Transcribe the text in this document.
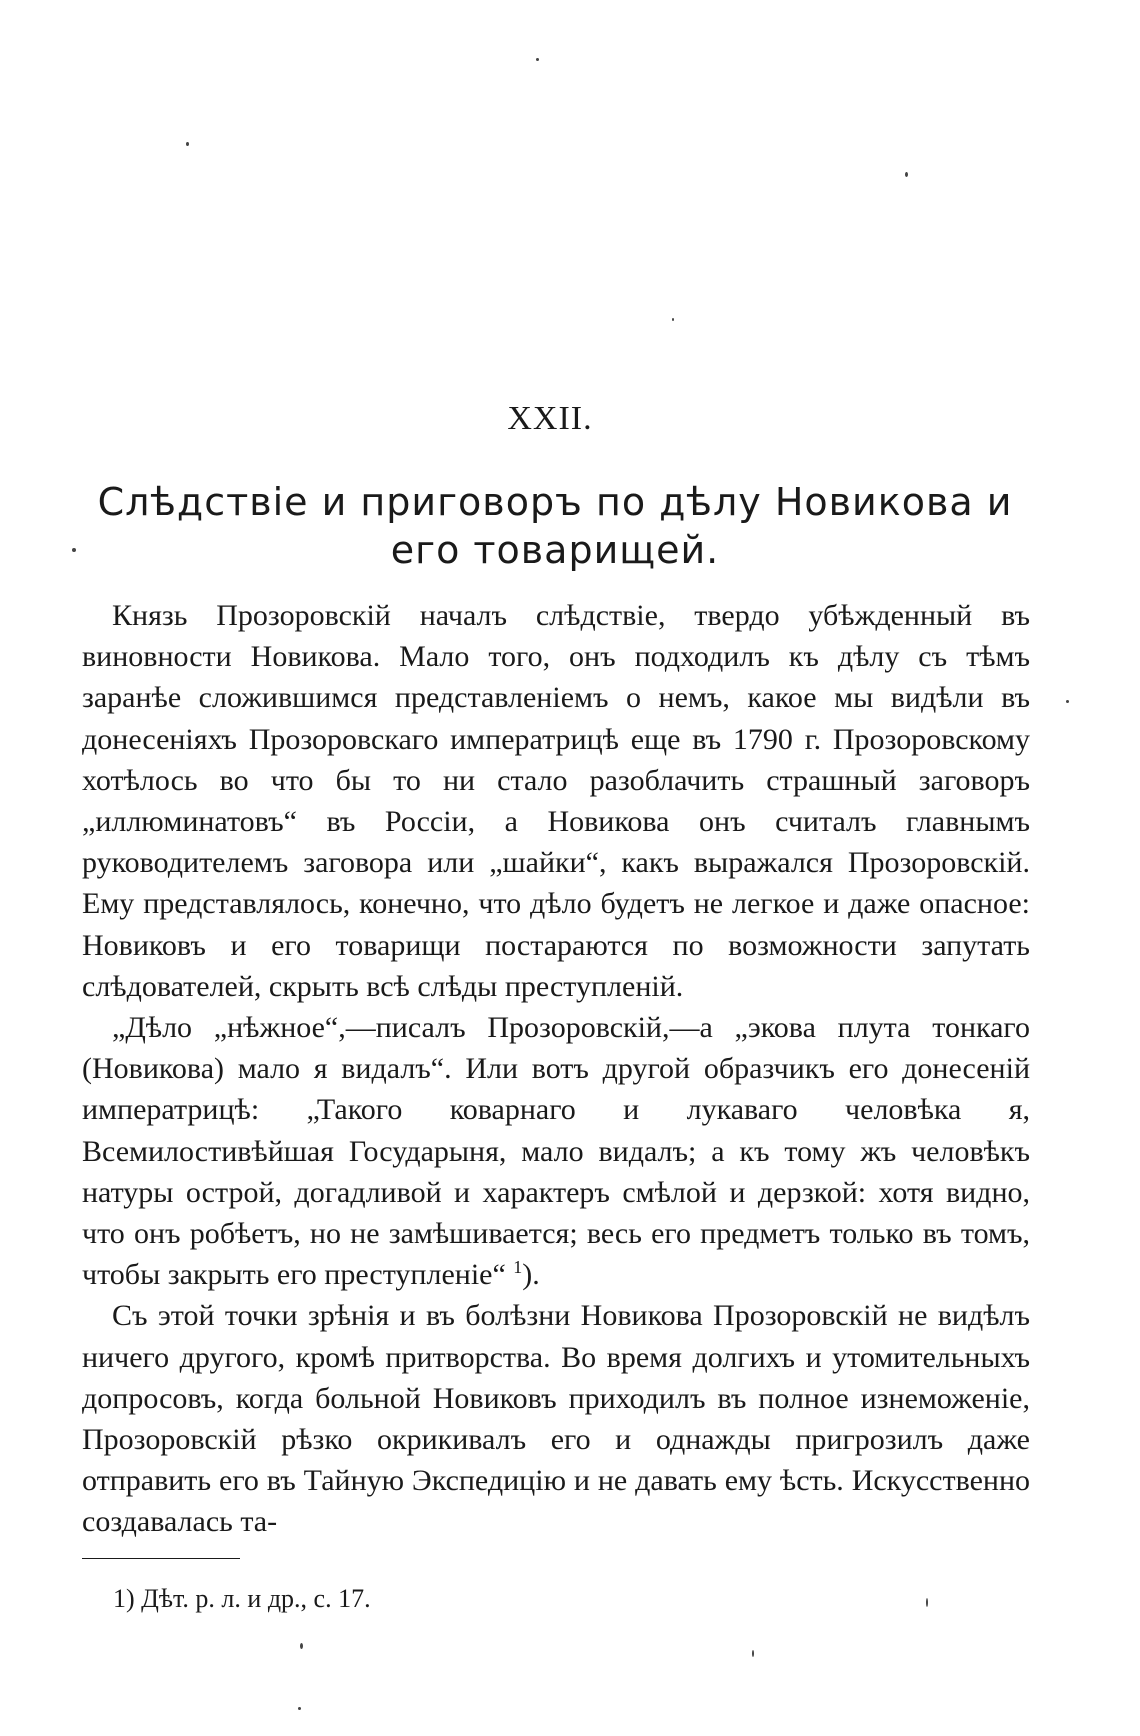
XXII.
Слѣдствіе и приговоръ по дѣлу Новикова и его товарищей.

Князь Прозоровскій началъ слѣдствіе, твердо убѣжденный въ виновности Новикова. Мало того, онъ подходилъ къ дѣлу съ тѣмъ заранѣе сложившимся представленіемъ о немъ, какое мы видѣли въ донесеніяхъ Прозоровскаго императрицѣ еще въ 1790 г. Прозоровскому хотѣлось во что бы то ни стало разоблачить страшный заговоръ „иллюминатовъ“ въ Россіи, а Новикова онъ считалъ главнымъ руководителемъ заговора или „шайки“, какъ выражался Прозоровскій. Ему представлялось, конечно, что дѣло будетъ не легкое и даже опасное: Новиковъ и его товарищи постараются по возможности запутать слѣдователей, скрыть всѣ слѣды преступленій.

„Дѣло „нѣжное“,—писалъ Прозоровскій,—а „экова плута тонкаго (Новикова) мало я видалъ“. Или вотъ другой образчикъ его донесеній императрицѣ: „Такого коварнаго и лукаваго человѣка я, Всемилостивѣйшая Государыня, мало видалъ; а къ тому жъ человѣкъ натуры острой, догадливой и характеръ смѣлой и дерзкой: хотя видно, что онъ робѣетъ, но не замѣшивается; весь его предметъ только въ томъ, чтобы закрыть его преступленіе“ $^1$).

Съ этой точки зрѣнія и въ болѣзни Новикова Прозоровскій не видѣлъ ничего другого, кромѣ притворства. Во время долгихъ и утомительныхъ допросовъ, когда больной Новиковъ приходилъ въ полное изнеможеніе, Прозоровскій рѣзко окрикивалъ его и однажды пригрозилъ даже отправить его въ Тайную Экспедицію и не давать ему ѣсть. Искусственно создавалась та-

1) Дѣт. р. л. и др., с. 17.
